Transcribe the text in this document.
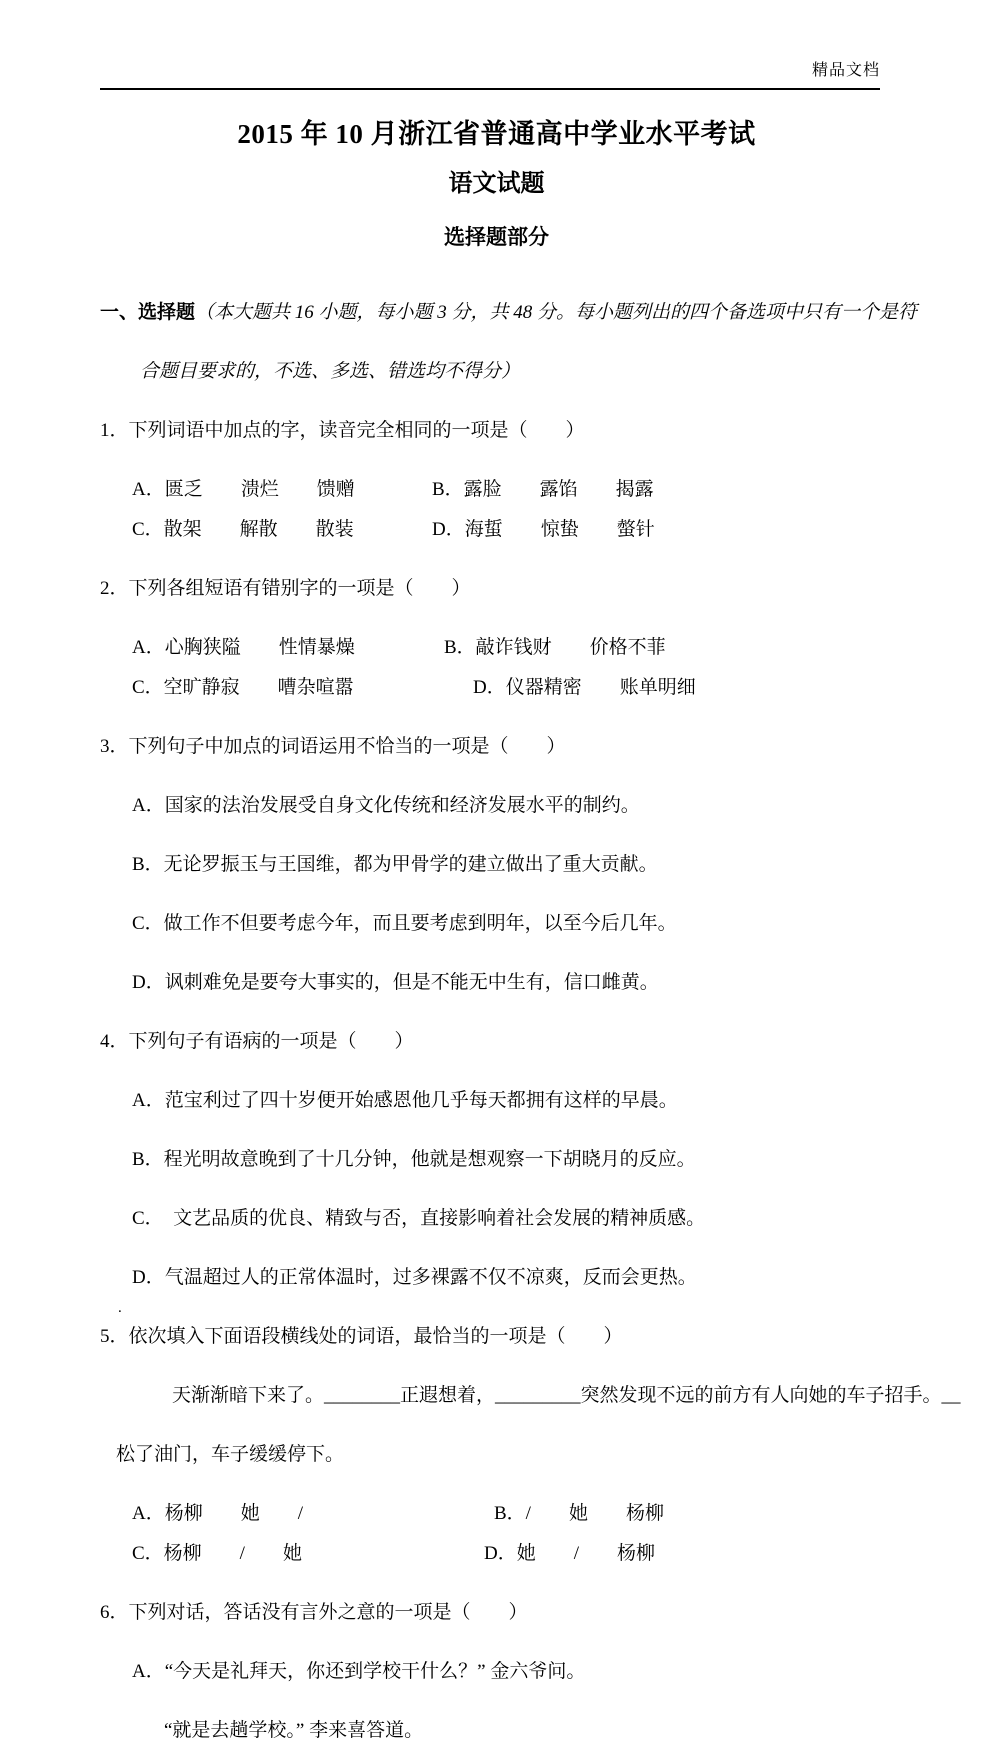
精品文档
2015 年 10 月浙江省普通高中学业水平考试
语文试题
选择题部分

一、选择题（本大题共 16 小题，每小题 3 分，共 48 分。每小题列出的四个备选项中只有一个是符

合题目要求的，不选、多选、错选均不得分）

1．下列词语中加点的字，读音完全相同的一项是（　　）

A．匮乏　　溃烂　　馈赠	B．露脸　　露馅　　揭露
C．散架　　解散　　散装	D．海蜇　　惊蛰　　螫针

2．下列各组短语有错别字的一项是（　　）

A．心胸狭隘　　性情暴燥	B．敲诈钱财　　价格不菲
C．空旷静寂　　嘈杂喧嚣	D．仪器精密　　账单明细

3．下列句子中加点的词语运用不恰当的一项是（　　）

A．国家的法治发展受自身文化传统和经济发展水平的制约。

B．无论罗振玉与王国维，都为甲骨学的建立做出了重大贡献。

C．做工作不但要考虑今年，而且要考虑到明年，以至今后几年。

D．讽刺难免是要夸大事实的，但是不能无中生有，信口雌黄。

4．下列句子有语病的一项是（　　）

A．范宝利过了四十岁便开始感恩他几乎每天都拥有这样的早晨。

B．程光明故意晚到了十几分钟，他就是想观察一下胡晓月的反应。

C．　文艺品质的优良、精致与否，直接影响着社会发展的精神质感。

D．气温超过人的正常体温时，过多裸露不仅不凉爽，反而会更热。

5．依次填入下面语段横线处的词语，最恰当的一项是（　　）

天渐渐暗下来了。________正遐想着，_________突然发现不远的前方有人向她的车子招手。__

松了油门，车子缓缓停下。

A．杨柳　　她　　/	B．/　　她　　杨柳
C．杨柳　　/　　她	D．她　　/　　杨柳

6．下列对话，答话没有言外之意的一项是（　　）

A．“今天是礼拜天，你还到学校干什么？” 金六爷问。

“就是去趟学校。” 李来喜答道。

.
